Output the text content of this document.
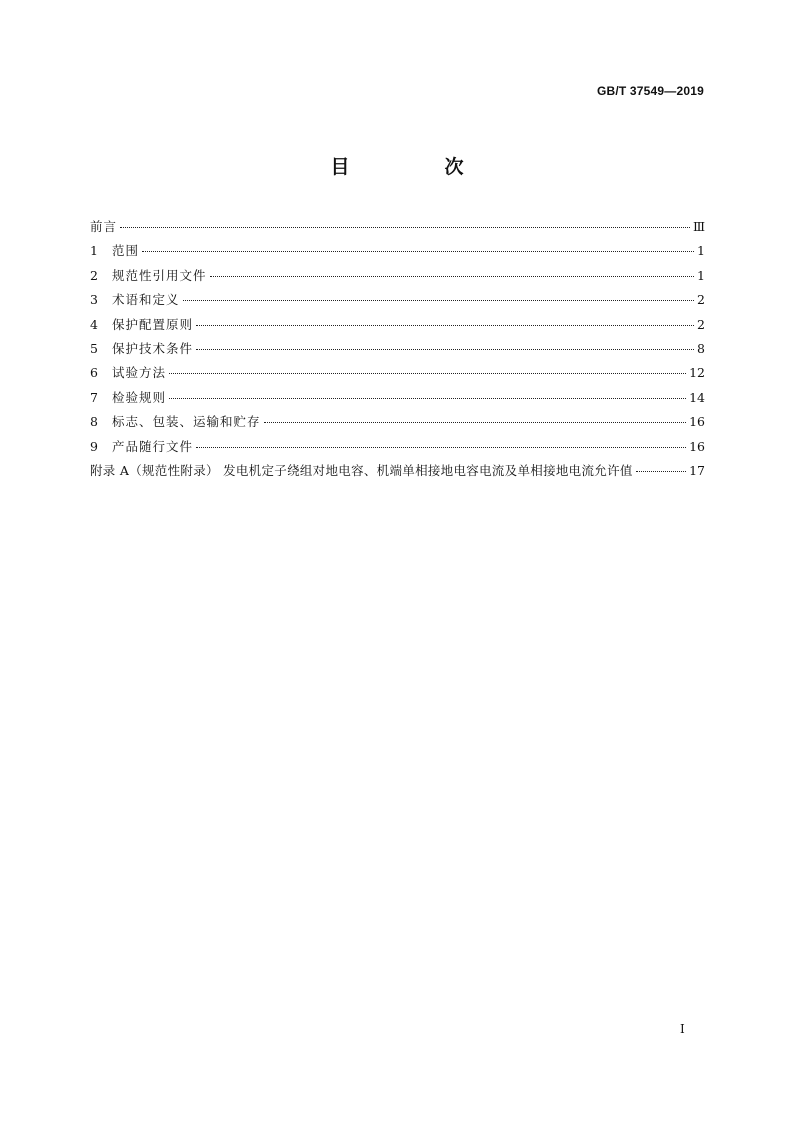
GB/T 37549—2019
目　次
前言	Ⅲ
1	范围	1
2	规范性引用文件	1
3	术语和定义	2
4	保护配置原则	2
5	保护技术条件	8
6	试验方法	12
7	检验规则	14
8	标志、包装、运输和贮存	16
9	产品随行文件	16
附录 A（规范性附录） 发电机定子绕组对地电容、机端单相接地电容电流及单相接地电流允许值	17
I
